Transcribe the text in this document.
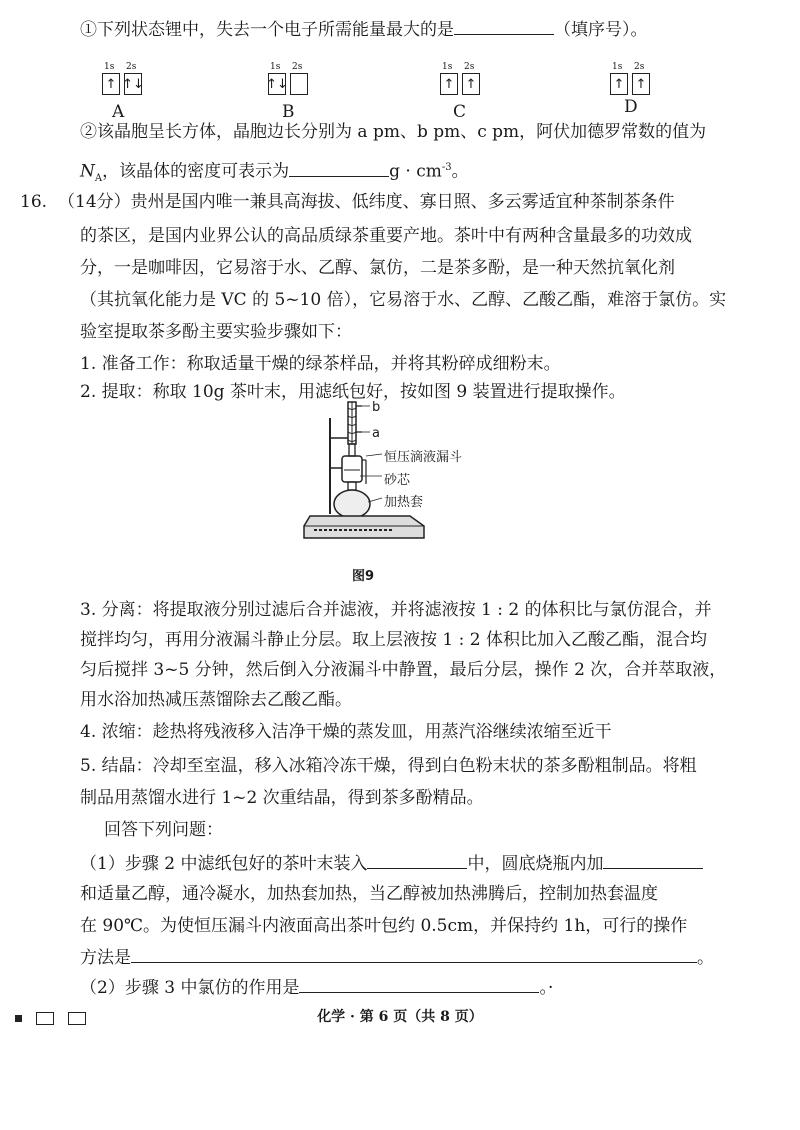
①下列状态锂中，失去一个电子所需能量最大的是	（填序号）。
1s 2s
↑ ↑↓
A
1s 2s
↑↓
B
1s 2s
↑ ↑
C
1s 2s
↑ ↑
D
②该晶胞呈长方体，晶胞边长分别为 a pm、b pm、c pm，阿伏加德罗常数的值为
$N_A$，该晶体的密度可表示为	$g \cdot cm^{-3}$。
16. （14分）贵州是国内唯一兼具高海拔、低纬度、寡日照、多云雾适宜种茶制茶条件
的茶区，是国内业界公认的高品质绿茶重要产地。茶叶中有两种含量最多的功效成
分，一是咖啡因，它易溶于水、乙醇、氯仿，二是茶多酚，是一种天然抗氧化剂
（其抗氧化能力是 VC 的 5~10 倍），它易溶于水、乙醇、乙酸乙酯，难溶于氯仿。实
验室提取茶多酚主要实验步骤如下：
1. 准备工作：称取适量干燥的绿茶样品，并将其粉碎成细粉末。
2. 提取：称取 10g 茶叶末，用滤纸包好，按如图 9 装置进行提取操作。
b
a
恒压滴液漏斗
砂芯
加热套
图9
3. 分离：将提取液分别过滤后合并滤液，并将滤液按 1 : 2 的体积比与氯仿混合，并
搅拌均匀，再用分液漏斗静止分层。取上层液按 1 : 2 体积比加入乙酸乙酯，混合均
匀后搅拌 3~5 分钟，然后倒入分液漏斗中静置，最后分层，操作 2 次，合并萃取液，
用水浴加热减压蒸馏除去乙酸乙酯。
4. 浓缩：趁热将残液移入洁净干燥的蒸发皿，用蒸汽浴继续浓缩至近干
5. 结晶：冷却至室温，移入冰箱冷冻干燥，得到白色粉末状的茶多酚粗制品。将粗
制品用蒸馏水进行 1~2 次重结晶，得到茶多酚精品。
回答下列问题：
（1）步骤 2 中滤纸包好的茶叶末装入	中，圆底烧瓶内加
和适量乙醇，通冷凝水，加热套加热，当乙醇被加热沸腾后，控制加热套温度
在 90℃。为使恒压漏斗内液面高出茶叶包约 0.5cm，并保持约 1h，可行的操作
方法是	。
（2）步骤 3 中氯仿的作用是	。·
化学 · 第 6 页（共 8 页）
